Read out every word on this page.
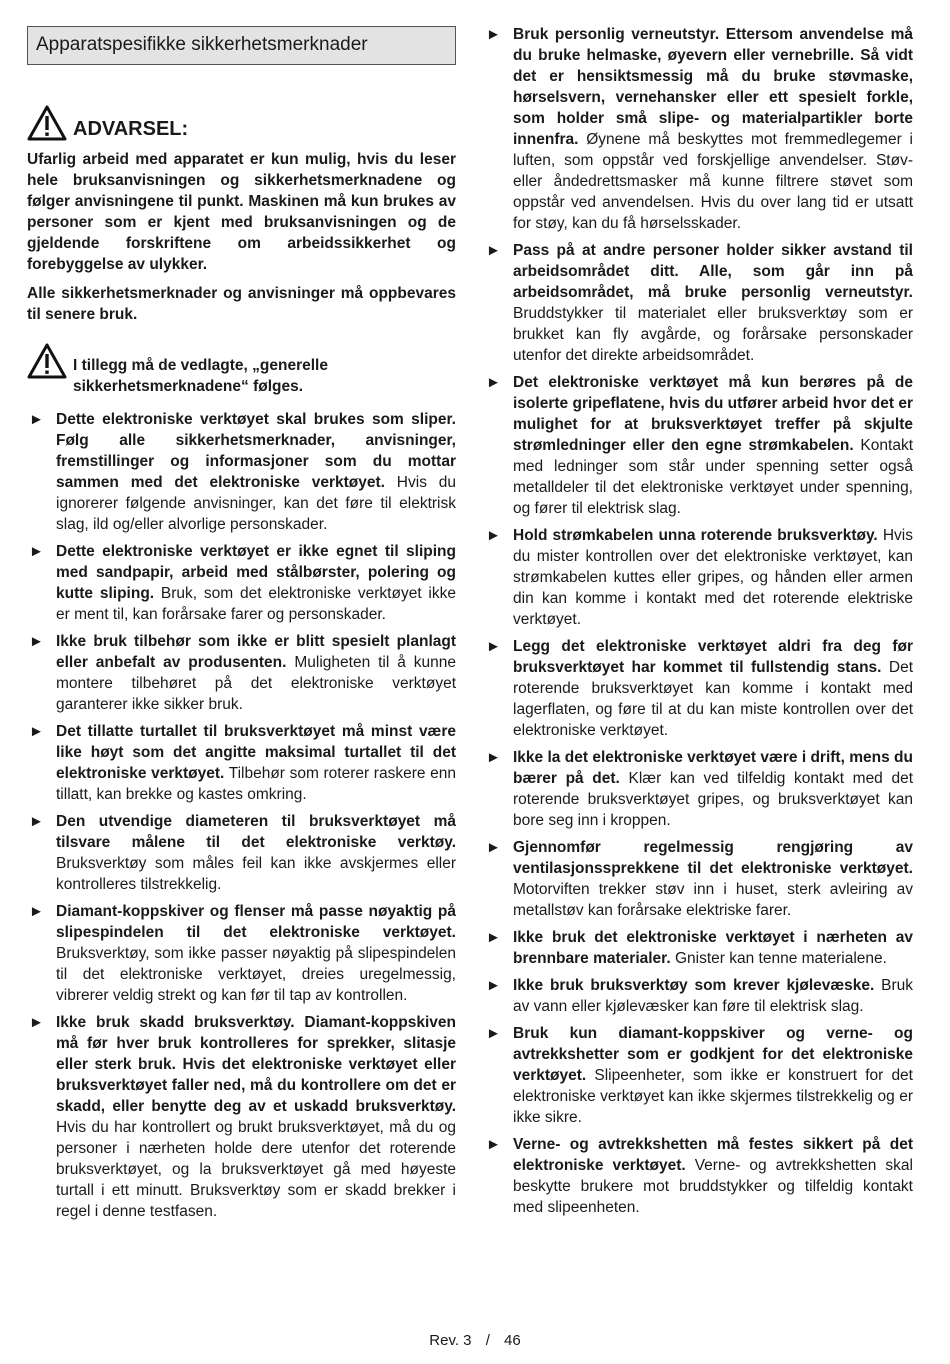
Apparatspesifikke sikkerhetsmerknader
ADVARSEL:

Ufarlig arbeid med apparatet er kun mulig, hvis du leser hele bruksanvisningen og sikkerhetsmerknadene og følger anvisningene til punkt. Maskinen må kun brukes av personer som er kjent med bruksanvisningen og de gjeldende forskriftene om arbeidssikkerhet og forebyggelse av ulykker.

Alle sikkerhetsmerknader og anvisninger må oppbevares til senere bruk.

I tillegg må de vedlagte, „generelle sikkerhetsmerknadene“ følges.
► Dette elektroniske verktøyet skal brukes som sliper. Følg alle sikkerhetsmerknader, anvisninger, fremstillinger og informasjoner som du mottar sammen med det elektroniske verktøyet. Hvis du ignorerer følgende anvisninger, kan det føre til elektrisk slag, ild og/eller alvorlige personskader.
► Dette elektroniske verktøyet er ikke egnet til sliping med sandpapir, arbeid med stålbørster, polering og kutte sliping. Bruk, som det elektroniske verktøyet ikke er ment til, kan forårsake farer og personskader.
► Ikke bruk tilbehør som ikke er blitt spesielt planlagt eller anbefalt av produsenten. Muligheten til å kunne montere tilbehøret på det elektroniske verktøyet garanterer ikke sikker bruk.
► Det tillatte turtallet til bruksverktøyet må minst være like høyt som det angitte maksimal turtallet til det elektroniske verktøyet. Tilbehør som roterer raskere enn tillatt, kan brekke og kastes omkring.
► Den utvendige diameteren til bruksverktøyet må tilsvare målene til det elektroniske verktøy. Bruksverktøy som måles feil kan ikke avskjermes eller kontrolleres tilstrekkelig.
► Diamant-koppskiver og flenser må passe nøyaktig på slipespindelen til det elektroniske verktøyet. Bruksverktøy, som ikke passer nøyaktig på slipespindelen til det elektroniske verktøyet, dreies uregelmessig, vibrerer veldig strekt og kan før til tap av kontrollen.
► Ikke bruk skadd bruksverktøy. Diamant-koppskiven må før hver bruk kontrolleres for sprekker, slitasje eller sterk bruk. Hvis det elektroniske verktøyet eller bruksverktøyet faller ned, må du kontrollere om det er skadd, eller benytte deg av et uskadd bruksverktøy. Hvis du har kontrollert og brukt bruksverktøyet, må du og personer i nærheten holde dere utenfor det roterende bruksverktøyet, og la bruksverktøyet gå med høyeste turtall i ett minutt. Bruksverktøy som er skadd brekker i regel i denne testfasen.
► Bruk personlig verneutstyr. Ettersom anvendelse må du bruke helmaske, øyevern eller vernebrille. Så vidt det er hensiktsmessig må du bruke støvmaske, hørselsvern, vernehansker eller ett spesielt forkle, som holder små slipe- og materialpartikler borte innenfra. Øynene må beskyttes mot fremmedlegemer i luften, som oppstår ved forskjellige anvendelser. Støv- eller åndedrettsmasker må kunne filtrere støvet som oppstår ved anvendelsen. Hvis du over lang tid er utsatt for støy, kan du få hørselsskader.
► Pass på at andre personer holder sikker avstand til arbeidsområdet ditt. Alle, som går inn på arbeidsområdet, må bruke personlig verneutstyr. Bruddstykker til materialet eller bruksverktøy som er brukket kan fly avgårde, og forårsake personskader utenfor det direkte arbeidsområdet.
► Det elektroniske verktøyet må kun berøres på de isolerte gripeflatene, hvis du utfører arbeid hvor det er mulighet for at bruksverktøyet treffer på skjulte strømledninger eller den egne strømkabelen. Kontakt med ledninger som står under spenning setter også metalldeler til det elektroniske verktøyet under spenning, og fører til elektrisk slag.
► Hold strømkabelen unna roterende bruksverktøy. Hvis du mister kontrollen over det elektroniske verktøyet, kan strømkabelen kuttes eller gripes, og hånden eller armen din kan komme i kontakt med det roterende elektriske verktøyet.
► Legg det elektroniske verktøyet aldri fra deg før bruksverktøyet har kommet til fullstendig stans. Det roterende bruksverktøyet kan komme i kontakt med lagerflaten, og føre til at du kan miste kontrollen over det elektroniske verktøyet.
► Ikke la det elektroniske verktøyet være i drift, mens du bærer på det. Klær kan ved tilfeldig kontakt med det roterende bruksverktøyet gripes, og bruksverktøyet kan bore seg inn i kroppen.
► Gjennomfør regelmessig rengjøring av ventilasjonssprekkene til det elektroniske verktøyet. Motorviften trekker støv inn i huset, sterk avleiring av metallstøv kan forårsake elektriske farer.
► Ikke bruk det elektroniske verktøyet i nærheten av brennbare materialer. Gnister kan tenne materialene.
► Ikke bruk bruksverktøy som krever kjølevæske. Bruk av vann eller kjølevæsker kan føre til elektrisk slag.
► Bruk kun diamant-koppskiver og verne- og avtrekkshetter som er godkjent for det elektroniske verktøyet. Slipeenheter, som ikke er konstruert for det elektroniske verktøyet kan ikke skjermes tilstrekkelig og er ikke sikre.
► Verne- og avtrekkshetten må festes sikkert på det elektroniske verktøyet. Verne- og avtrekkshetten skal beskytte brukere mot bruddstykker og tilfeldig kontakt med slipeenheten.
Rev. 3 / 46
